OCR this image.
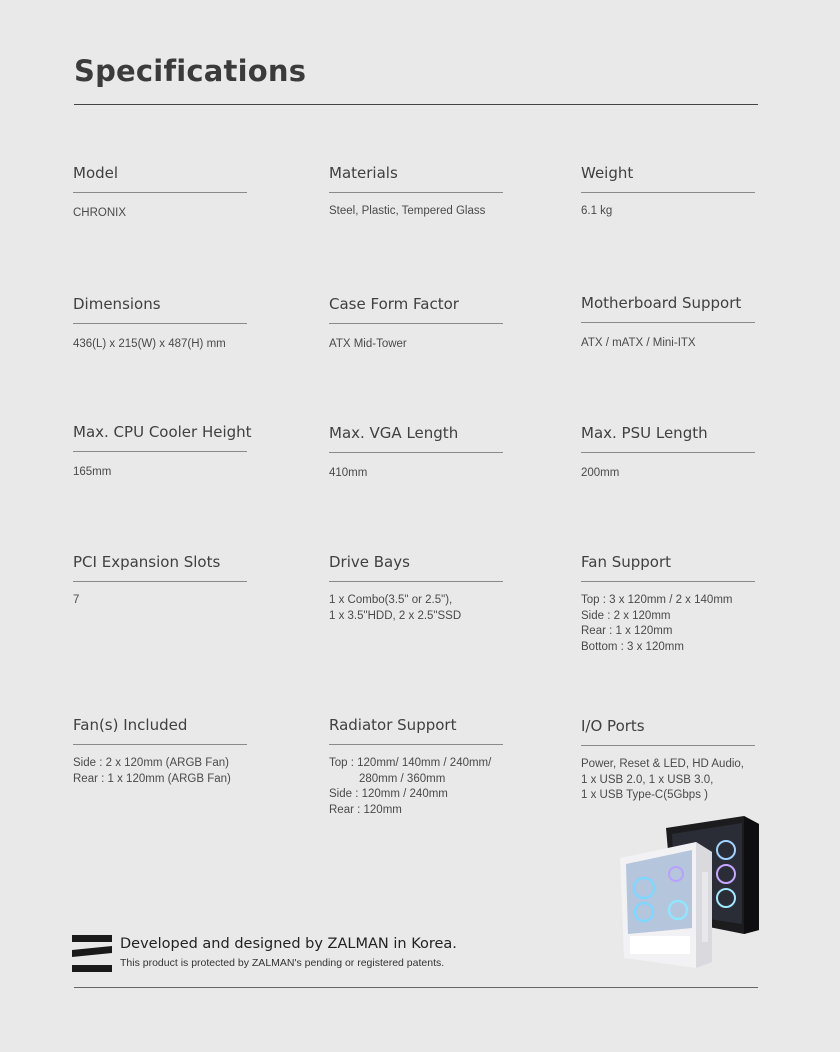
Specifications
Model
CHRONIX
Materials
Steel, Plastic, Tempered Glass
Weight
6.1 kg
Dimensions
436(L) x 215(W) x 487(H) mm
Case Form Factor
ATX Mid-Tower
Motherboard Support
ATX / mATX / Mini-ITX
Max. CPU Cooler Height
165mm
Max. VGA Length
410mm
Max. PSU Length
200mm
PCI Expansion Slots
7
Drive Bays
1 x Combo(3.5" or 2.5"),
1 x 3.5"HDD, 2 x 2.5"SSD
Fan Support
Top : 3 x 120mm / 2 x 140mm
Side : 2 x 120mm
Rear : 1 x 120mm
Bottom : 3 x 120mm
Fan(s) Included
Side : 2 x 120mm (ARGB Fan)
Rear : 1 x 120mm (ARGB Fan)
Radiator Support
Top : 120mm/ 140mm / 240mm/
280mm / 360mm
Side : 120mm / 240mm
Rear : 120mm
I/O Ports
Power, Reset & LED, HD Audio,
1 x USB 2.0, 1 x USB 3.0,
1 x USB Type-C(5Gbps )
Developed and designed by ZALMAN in Korea.
This product is protected by ZALMAN's pending or registered patents.
